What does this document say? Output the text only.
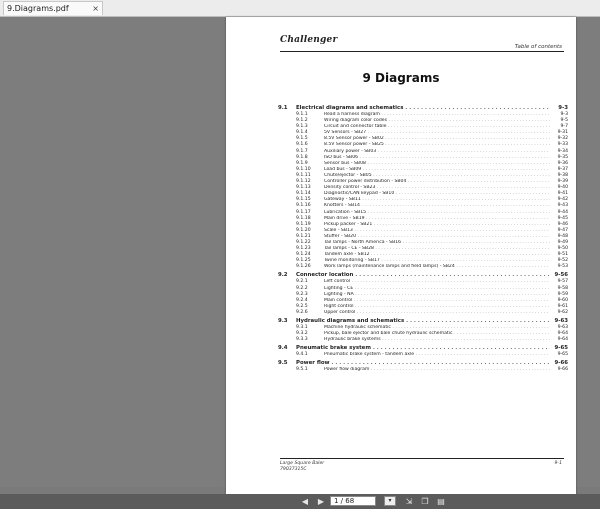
9.Diagrams.pdf	×
Challenger
Table of contents
9 Diagrams
9.1 Electrical diagrams and schematics . . .	9-3
9.1.1	Read a harness diagram . . .	9-3
9.1.2	Wiring diagram color codes . . .	9-5
9.1.3	Circuit and connector table . . .	9-7
9.1.4	5V Sensors - SB27 . . .	9-31
9.1.5	8.5V Sensor power - SB02 . . .	9-32
9.1.6	8.5V Sensor power - SB25 . . .	9-33
9.1.7	Auxiliary power - SB03 . . .	9-34
9.1.8	ISO bus - SB06 . . .	9-35
9.1.9	Sensor bus - SB08 . . .	9-36
9.1.10	Load bus - SB09 . . .	9-37
9.1.11	Chute/ejector - SB05 . . .	9-38
9.1.12	Controller power distribution - SB04 . . .	9-39
9.1.13	Density control - SB23 . . .	9-40
9.1.14	Diagnostic/CAN keypad - SB10 . . .	9-41
9.1.15	Gateway - SB11 . . .	9-42
9.1.16	Knotters - SB14 . . .	9-43
9.1.17	Lubrication - SB15 . . .	9-44
9.1.18	Main drive - SB19 . . .	9-45
9.1.19	Pickup packer - SB21 . . .	9-46
9.1.20	Scale - SB13 . . .	9-47
9.1.21	Stuffer - SB20 . . .	9-48
9.1.22	Tail lamps - North America - SB16 . . .	9-49
9.1.23	Tail lamps - CE - SB28 . . .	9-50
9.1.24	Tandem axle - SB12 . . .	9-51
9.1.25	Twine monitoring - SB17 . . .	9-52
9.1.26	Work lamps (maintenance lamps and field lamps) - SB24 . . .	9-53
9.2 Connector location . . .	9-56
9.2.1	Left control . . .	9-57
9.2.2	Lighting - CE . . .	9-58
9.2.3	Lighting - NA . . .	9-59
9.2.4	Main control . . .	9-60
9.2.5	Right control . . .	9-61
9.2.6	Upper control . . .	9-62
9.3 Hydraulic diagrams and schematics . . .	9-63
9.3.1	Machine hydraulic schematic . . .	9-63
9.3.2	Pickup, bale ejector and bale chute hydraulic schematic . . .	9-64
9.3.3	Hydraulic brake systems . . .	9-64
9.4 Pneumatic brake system . . .	9-65
9.4.1	Pneumatic brake system - tandem axle . . .	9-65
9.5 Power flow . . .	9-66
9.5.1	Power flow diagram . . .	9-66
Large Square Baler
79037315C
9-1
◀ ▶	1 / 68	▾	⇲ ❐ ▤
